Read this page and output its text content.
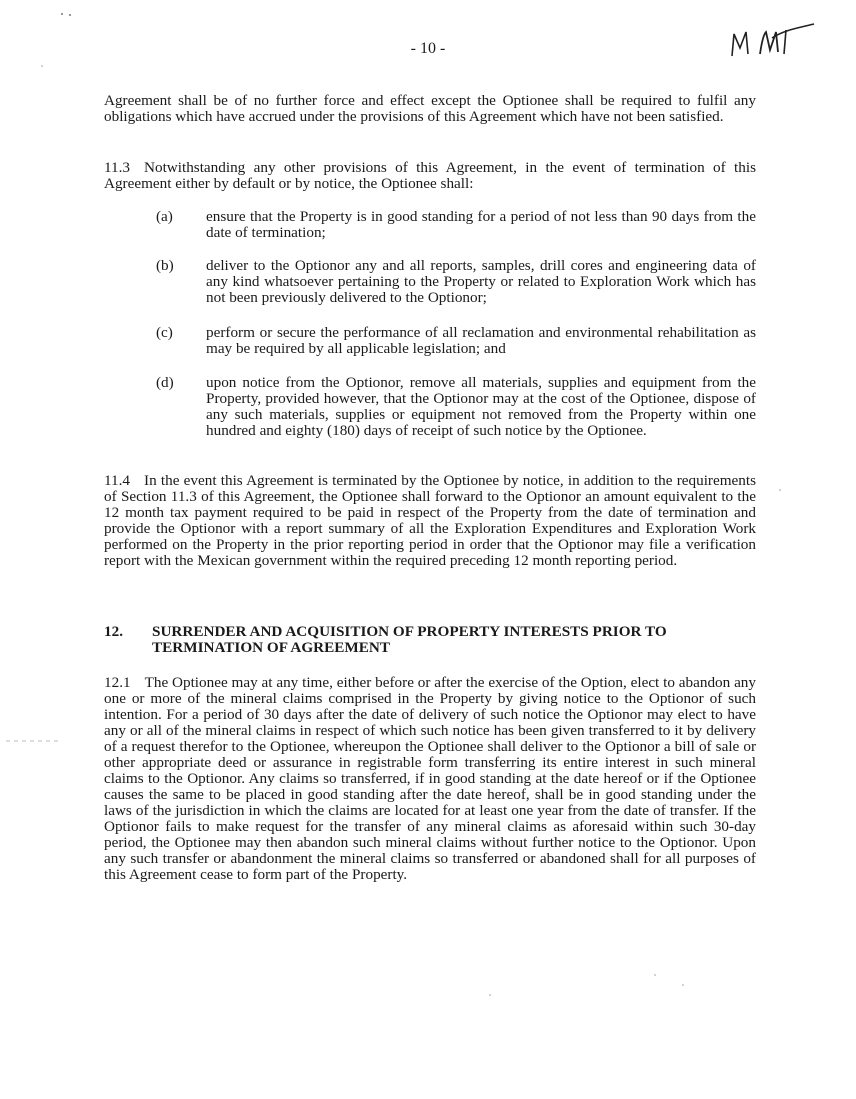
- 10 -

Agreement shall be of no further force and effect except the Optionee shall be required to fulfil any obligations which have accrued under the provisions of this Agreement which have not been satisfied.

11.3 Notwithstanding any other provisions of this Agreement, in the event of termination of this Agreement either by default or by notice, the Optionee shall:

(a)	ensure that the Property is in good standing for a period of not less than 90 days from the date of termination;
(b)	deliver to the Optionor any and all reports, samples, drill cores and engineering data of any kind whatsoever pertaining to the Property or related to Exploration Work which has not been previously delivered to the Optionor;
(c)	perform or secure the performance of all reclamation and environmental rehabilitation as may be required by all applicable legislation; and
(d)	upon notice from the Optionor, remove all materials, supplies and equipment from the Property, provided however, that the Optionor may at the cost of the Optionee, dispose of any such materials, supplies or equipment not removed from the Property within one hundred and eighty (180) days of receipt of such notice by the Optionee.

11.4 In the event this Agreement is terminated by the Optionee by notice, in addition to the requirements of Section 11.3 of this Agreement, the Optionee shall forward to the Optionor an amount equivalent to the 12 month tax payment required to be paid in respect of the Property from the date of termination and provide the Optionor with a report summary of all the Exploration Expenditures and Exploration Work performed on the Property in the prior reporting period in order that the Optionor may file a verification report with the Mexican government within the required preceding 12 month reporting period.

12.	SURRENDER AND ACQUISITION OF PROPERTY INTERESTS PRIOR TO TERMINATION OF AGREEMENT

12.1 The Optionee may at any time, either before or after the exercise of the Option, elect to abandon any one or more of the mineral claims comprised in the Property by giving notice to the Optionor of such intention. For a period of 30 days after the date of delivery of such notice the Optionor may elect to have any or all of the mineral claims in respect of which such notice has been given transferred to it by delivery of a request therefor to the Optionee, whereupon the Optionee shall deliver to the Optionor a bill of sale or other appropriate deed or assurance in registrable form transferring its entire interest in such mineral claims to the Optionor. Any claims so transferred, if in good standing at the date hereof or if the Optionee causes the same to be placed in good standing after the date hereof, shall be in good standing under the laws of the jurisdiction in which the claims are located for at least one year from the date of transfer. If the Optionor fails to make request for the transfer of any mineral claims as aforesaid within such 30-day period, the Optionee may then abandon such mineral claims without further notice to the Optionor. Upon any such transfer or abandonment the mineral claims so transferred or abandoned shall for all purposes of this Agreement cease to form part of the Property.
